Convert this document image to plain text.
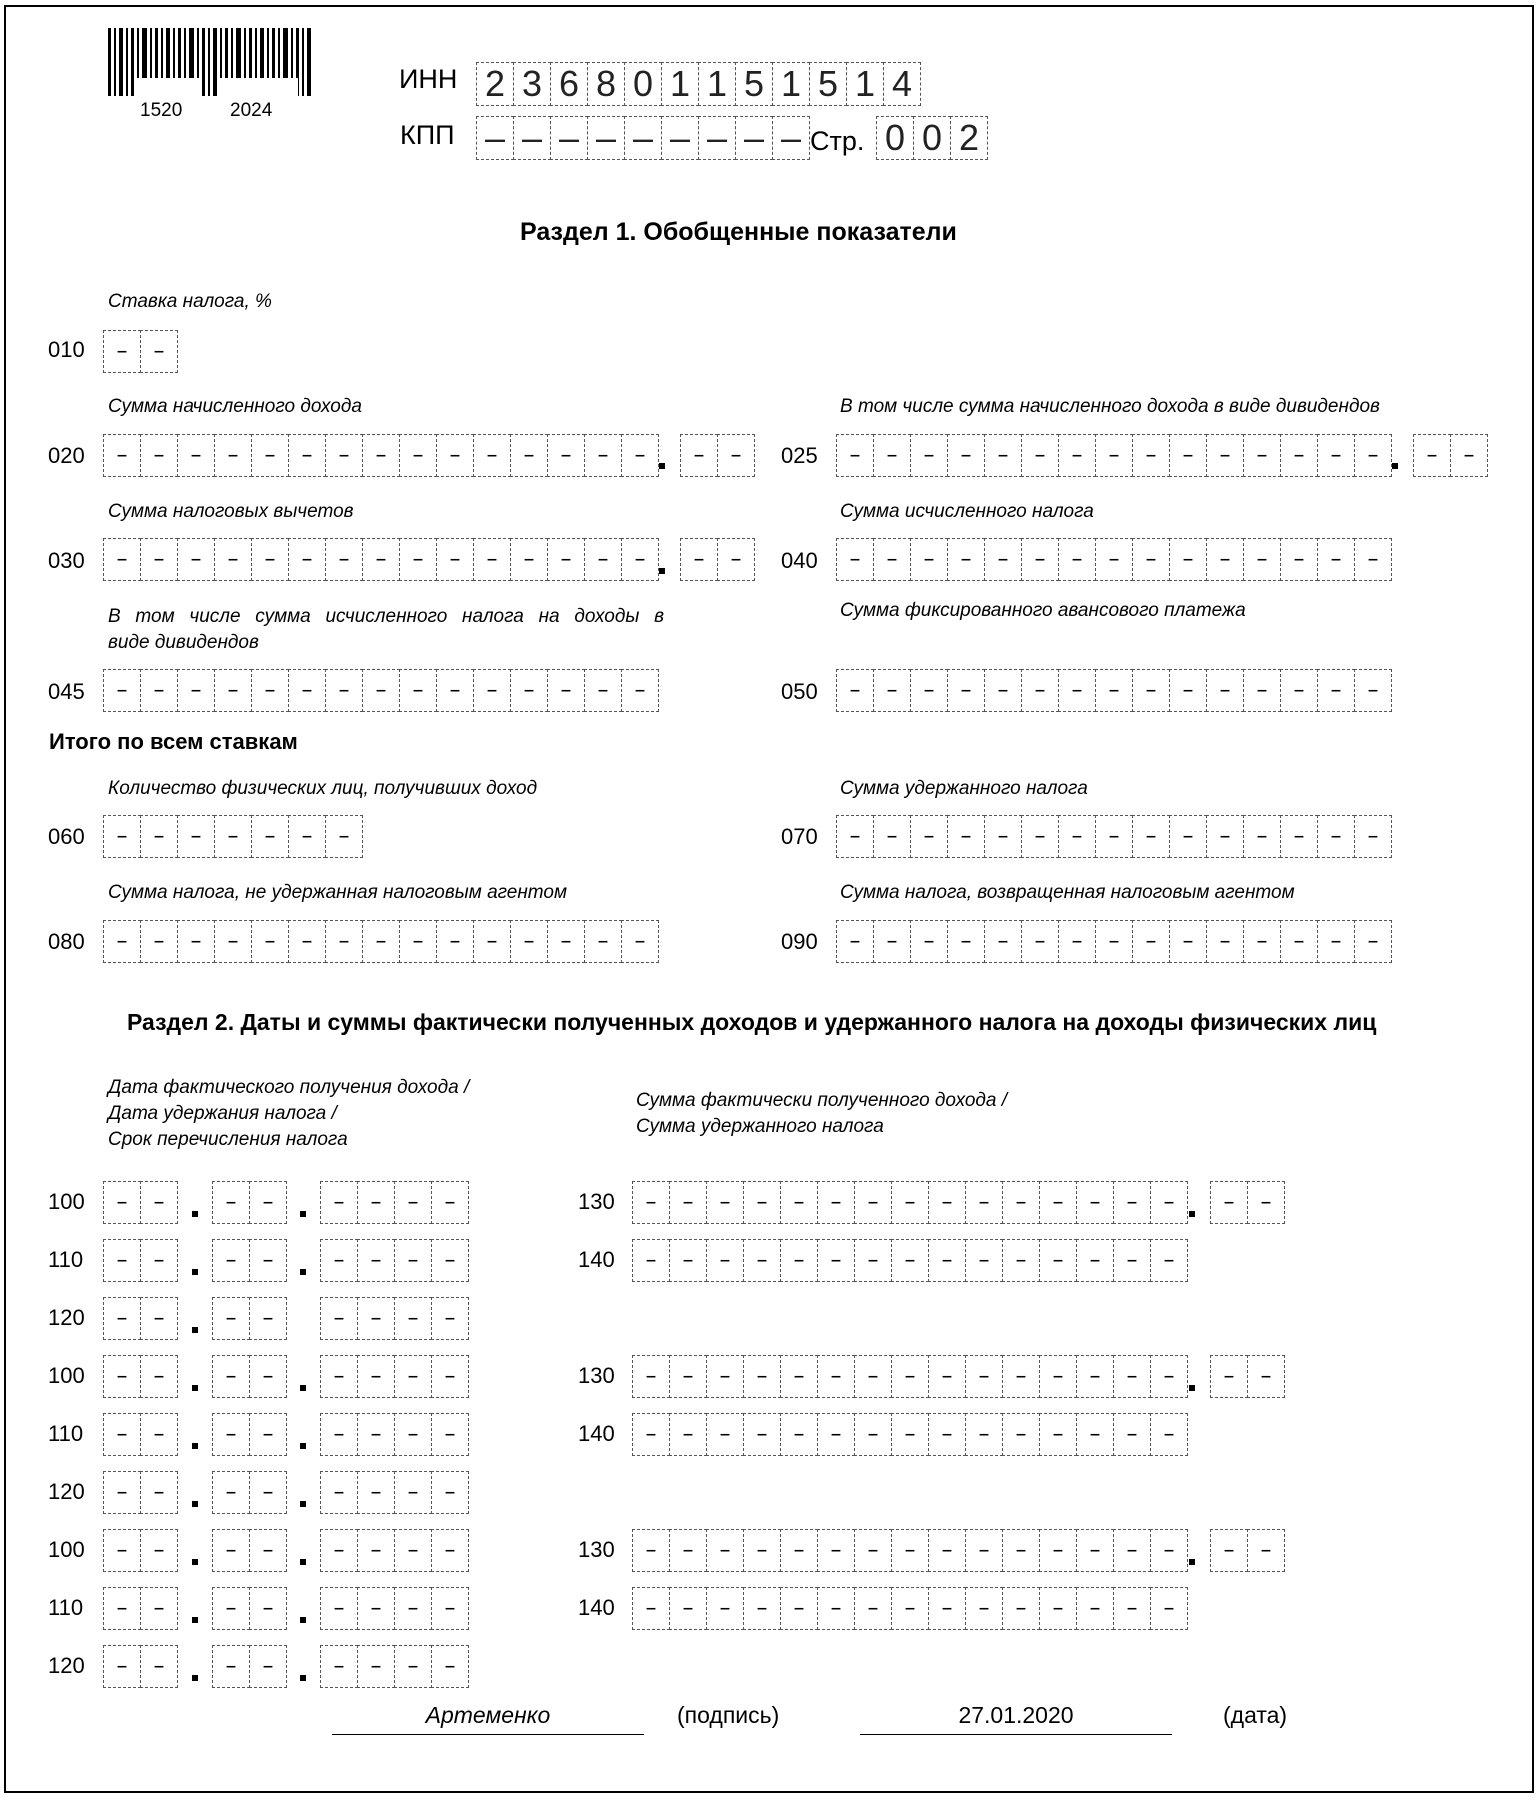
1520	2024
ИНН 2 3 6 8 0 1 1 5 1 5 1 4
КПП – – – – – – – – – Стр. 0 0 2
Раздел 1. Обобщенные показатели
Ставка налога, %
010	–	–
Сумма начисленного дохода
020	–	–	–	–	–	–	–	–	–	–	–	–	–	–	–	–	–
В том числе сумма начисленного дохода в виде дивидендов
025	–	–	–	–	–	–	–	–	–	–	–	–	–	–	–	–	–
Сумма налоговых вычетов
030	–	–	–	–	–	–	–	–	–	–	–	–	–	–	–	–	–
Сумма исчисленного налога
040	–	–	–	–	–	–	–	–	–	–	–	–	–	–	–
В том числе сумма исчисленного налога на доходы в
виде дивидендов
045	–	–	–	–	–	–	–	–	–	–	–	–	–	–	–
Сумма фиксированного авансового платежа
050	–	–	–	–	–	–	–	–	–	–	–	–	–	–	–
Итого по всем ставкам
Количество физических лиц, получивших доход
060	–	–	–	–	–	–	–
Сумма удержанного налога
070	–	–	–	–	–	–	–	–	–	–	–	–	–	–	–
Сумма налога, не удержанная налоговым агентом
080	–	–	–	–	–	–	–	–	–	–	–	–	–	–	–
Сумма налога, возвращенная налоговым агентом
090	–	–	–	–	–	–	–	–	–	–	–	–	–	–	–
Раздел 2. Даты и суммы фактически полученных доходов и удержанного налога на доходы физических лиц
Дата фактического получения дохода /
Дата удержания налога /
Срок перечисления налога
Сумма фактически полученного дохода /
Сумма удержанного налога
100	–	–	–	–	–	–	–	–	130	–	–	–	–	–	–	–	–	–	–	–	–	–	–	–	–	–
110	–	–	–	–	–	–	–	–	140	–	–	–	–	–	–	–	–	–	–	–	–	–	–	–
120	–	–	–	–	–	–	–	–
100	–	–	–	–	–	–	–	–	130	–	–	–	–	–	–	–	–	–	–	–	–	–	–	–	–	–
110	–	–	–	–	–	–	–	–	140	–	–	–	–	–	–	–	–	–	–	–	–	–	–	–
120	–	–	–	–	–	–	–	–
100	–	–	–	–	–	–	–	–	130	–	–	–	–	–	–	–	–	–	–	–	–	–	–	–	–	–
110	–	–	–	–	–	–	–	–	140	–	–	–	–	–	–	–	–	–	–	–	–	–	–	–
120	–	–	–	–	–	–	–	–
Артеменко	(подпись)	27.01.2020	(дата)
